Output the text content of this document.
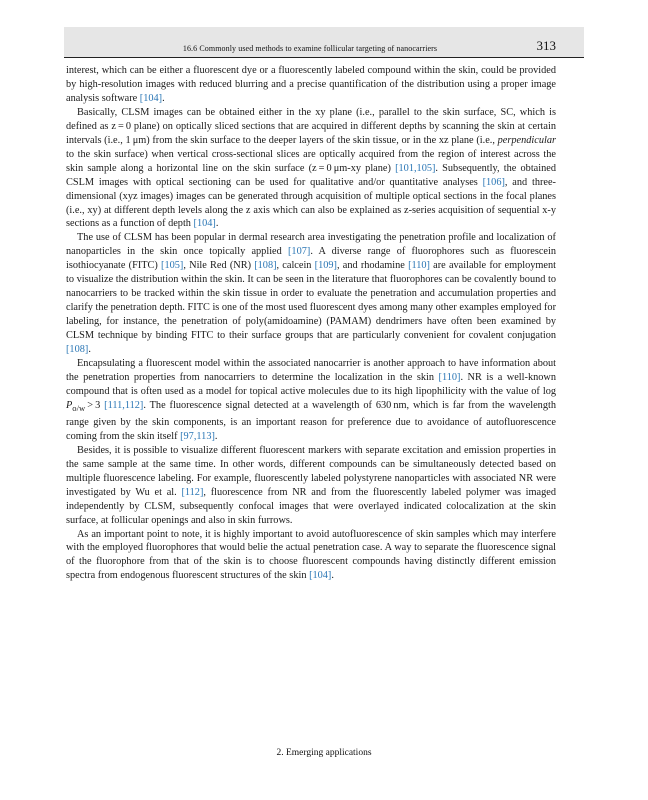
16.6 Commonly used methods to examine follicular targeting of nanocarriers	313

interest, which can be either a fluorescent dye or a fluorescently labeled compound within the skin, could be provided by high-resolution images with reduced blurring and a precise quantification of the distribution using a proper image analysis software [104].

Basically, CLSM images can be obtained either in the xy plane (i.e., parallel to the skin surface, SC, which is defined as z = 0 plane) on optically sliced sections that are acquired in different depths by scanning the skin at certain intervals (i.e., 1 μm) from the skin surface to the deeper layers of the skin tissue, or in the xz plane (i.e., perpendicular to the skin surface) when vertical cross-sectional slices are optically acquired from the region of interest across the skin sample along a horizontal line on the skin surface (z = 0 μm-xy plane) [101,105]. Subsequently, the obtained CSLM images with optical sectioning can be used for qualitative and/or quantitative analyses [106], and three-dimensional (xyz images) images can be generated through acquisition of multiple optical sections in the focal planes (i.e., xy) at different depth levels along the z axis which can also be explained as z-series acquisition of sequential x-y sections as a function of depth [104].

The use of CLSM has been popular in dermal research area investigating the penetration profile and localization of nanoparticles in the skin once topically applied [107]. A diverse range of fluorophores such as fluorescein isothiocyanate (FITC) [105], Nile Red (NR) [108], calcein [109], and rhodamine [110] are available for employment to visualize the distribution within the skin. It can be seen in the literature that fluorophores can be covalently bound to nanocarriers to be tracked within the skin tissue in order to evaluate the penetration and accumulation properties and clarify the penetration depth. FITC is one of the most used fluorescent dyes among many other examples employed for labeling, for instance, the penetration of poly(amidoamine) (PAMAM) dendrimers have often been examined by CLSM technique by binding FITC to their surface groups that are particularly convenient for covalent conjugation [108].

Encapsulating a fluorescent model within the associated nanocarrier is another approach to have information about the penetration properties from nanocarriers to determine the localization in the skin [110]. NR is a well-known compound that is often used as a model for topical active molecules due to its high lipophilicity with the value of $\log P_{o/w} > 3$ [111,112]. The fluorescence signal detected at a wavelength of 630 nm, which is far from the wavelength range given by the skin components, is an important reason for preference due to avoidance of autofluorescence coming from the skin itself [97,113].

Besides, it is possible to visualize different fluorescent markers with separate excitation and emission properties in the same sample at the same time. In other words, different compounds can be simultaneously detected based on multiple fluorescence labeling. For example, fluorescently labeled polystyrene nanoparticles with associated NR were investigated by Wu et al. [112], fluorescence from NR and from the fluorescently labeled polymer was imaged independently by CLSM, subsequently confocal images that were overlayed indicated colocalization at the skin surface, at follicular openings and also in skin furrows.

As an important point to note, it is highly important to avoid autofluorescence of skin samples which may interfere with the employed fluorophores that would belie the actual penetration case. A way to separate the fluorescence signal of the fluorophore from that of the skin is to choose fluorescent compounds having distinctly different emission spectra from endogenous fluorescent structures of the skin [104].

2. Emerging applications
